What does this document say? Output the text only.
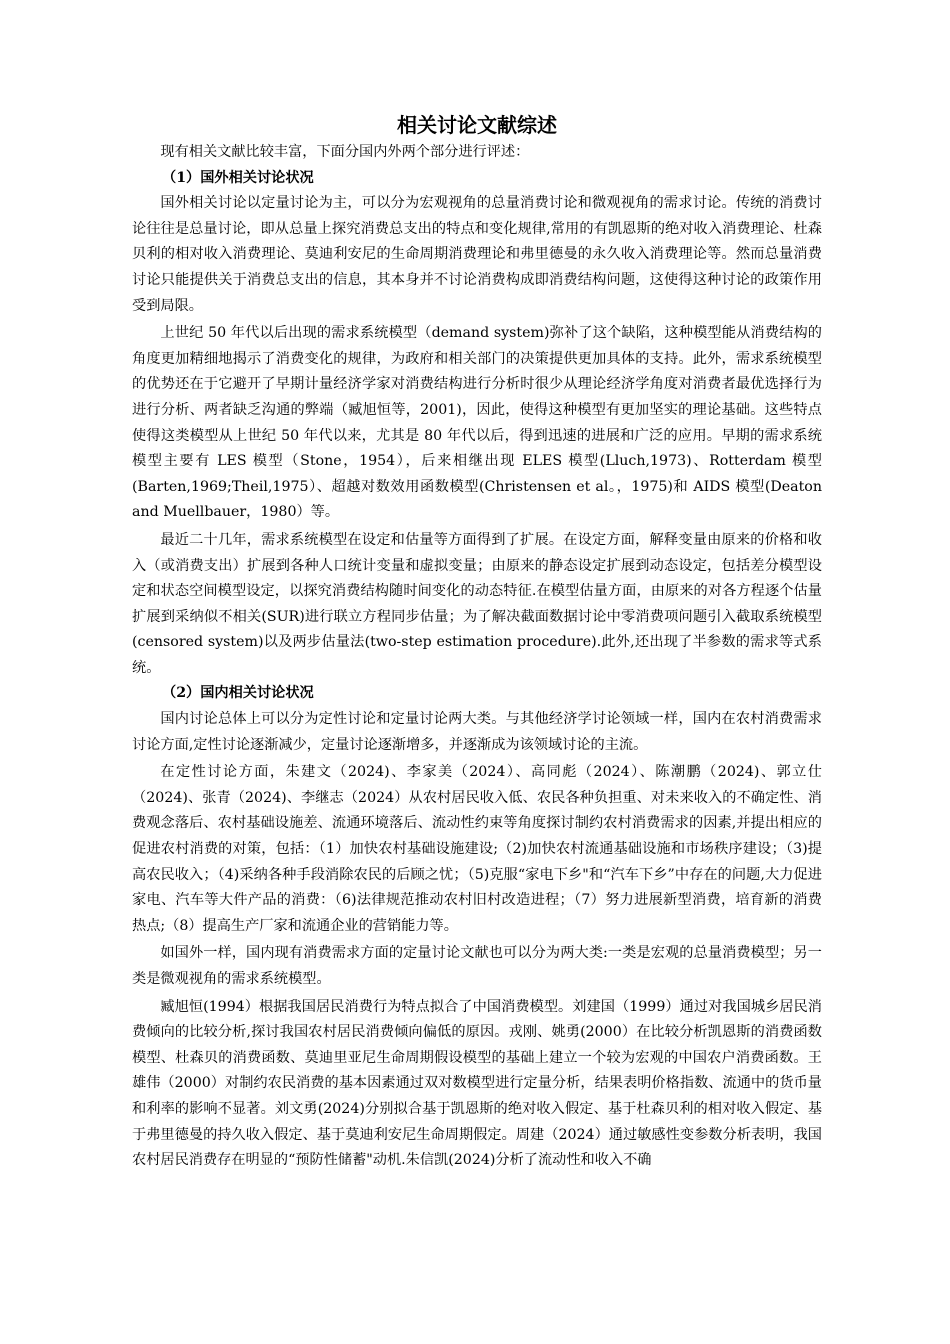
相关讨论文献综述

现有相关文献比较丰富，下面分国内外两个部分进行评述：

（1）国外相关讨论状况

国外相关讨论以定量讨论为主，可以分为宏观视角的总量消费讨论和微观视角的需求讨论。传统的消费讨论往往是总量讨论，即从总量上探究消费总支出的特点和变化规律,常用的有凯恩斯的绝对收入消费理论、杜森贝利的相对收入消费理论、莫迪利安尼的生命周期消费理论和弗里德曼的永久收入消费理论等。然而总量消费讨论只能提供关于消费总支出的信息，其本身并不讨论消费构成即消费结构问题，这使得这种讨论的政策作用受到局限。

上世纪 50 年代以后出现的需求系统模型（demand system)弥补了这个缺陷，这种模型能从消费结构的角度更加精细地揭示了消费变化的规律，为政府和相关部门的决策提供更加具体的支持。此外，需求系统模型的优势还在于它避开了早期计量经济学家对消费结构进行分析时很少从理论经济学角度对消费者最优选择行为进行分析、两者缺乏沟通的弊端（臧旭恒等，2001)，因此，使得这种模型有更加坚实的理论基础。这些特点使得这类模型从上世纪 50 年代以来，尤其是 80 年代以后，得到迅速的进展和广泛的应用。早期的需求系统模型主要有 LES 模型（Stone，1954），后来相继出现 ELES 模型(Lluch,1973)、Rotterdam 模型(Barten,1969;Theil,1975）、超越对数效用函数模型(Christensen et al。，1975)和 AIDS 模型(Deaton and Muellbauer，1980）等。

最近二十几年，需求系统模型在设定和估量等方面得到了扩展。在设定方面，解释变量由原来的价格和收入（或消费支出）扩展到各种人口统计变量和虚拟变量；由原来的静态设定扩展到动态设定，包括差分模型设定和状态空间模型设定，以探究消费结构随时间变化的动态特征.在模型估量方面，由原来的对各方程逐个估量扩展到采纳似不相关(SUR)进行联立方程同步估量；为了解决截面数据讨论中零消费项问题引入截取系统模型(censored system)以及两步估量法(two-step estimation procedure).此外,还出现了半参数的需求等式系统。

（2）国内相关讨论状况

国内讨论总体上可以分为定性讨论和定量讨论两大类。与其他经济学讨论领域一样，国内在农村消费需求讨论方面,定性讨论逐渐减少，定量讨论逐渐增多，并逐渐成为该领域讨论的主流。

在定性讨论方面，朱建文（2024)、李家美（2024）、高同彪（2024）、陈潮鹏（2024)、郭立仕（2024)、张青（2024)、李继志（2024）从农村居民收入低、农民各种负担重、对未来收入的不确定性、消费观念落后、农村基础设施差、流通环境落后、流动性约束等角度探讨制约农村消费需求的因素,并提出相应的促进农村消费的对策，包括：（1）加快农村基础设施建设;（2)加快农村流通基础设施和市场秩序建设；（3)提高农民收入；（4)采纳各种手段消除农民的后顾之忧；（5)克服“家电下乡"和“汽车下乡”中存在的问题,大力促进家电、汽车等大件产品的消费：（6)法律规范推动农村旧村改造进程；（7）努力进展新型消费，培育新的消费热点;（8）提高生产厂家和流通企业的营销能力等。

如国外一样，国内现有消费需求方面的定量讨论文献也可以分为两大类:一类是宏观的总量消费模型；另一类是微观视角的需求系统模型。

臧旭恒(1994）根据我国居民消费行为特点拟合了中国消费模型。刘建国（1999）通过对我国城乡居民消费倾向的比较分析,探讨我国农村居民消费倾向偏低的原因。戎刚、姚勇(2000）在比较分析凯恩斯的消费函数模型、杜森贝的消费函数、莫迪里亚尼生命周期假设模型的基础上建立一个较为宏观的中国农户消费函数。王雄伟（2000）对制约农民消费的基本因素通过双对数模型进行定量分析，结果表明价格指数、流通中的货币量和利率的影响不显著。刘文勇(2024)分别拟合基于凯恩斯的绝对收入假定、基于杜森贝利的相对收入假定、基于弗里德曼的持久收入假定、基于莫迪利安尼生命周期假定。周建（2024）通过敏感性变参数分析表明，我国农村居民消费存在明显的“预防性储蓄"动机.朱信凯(2024)分析了流动性和收入不确
